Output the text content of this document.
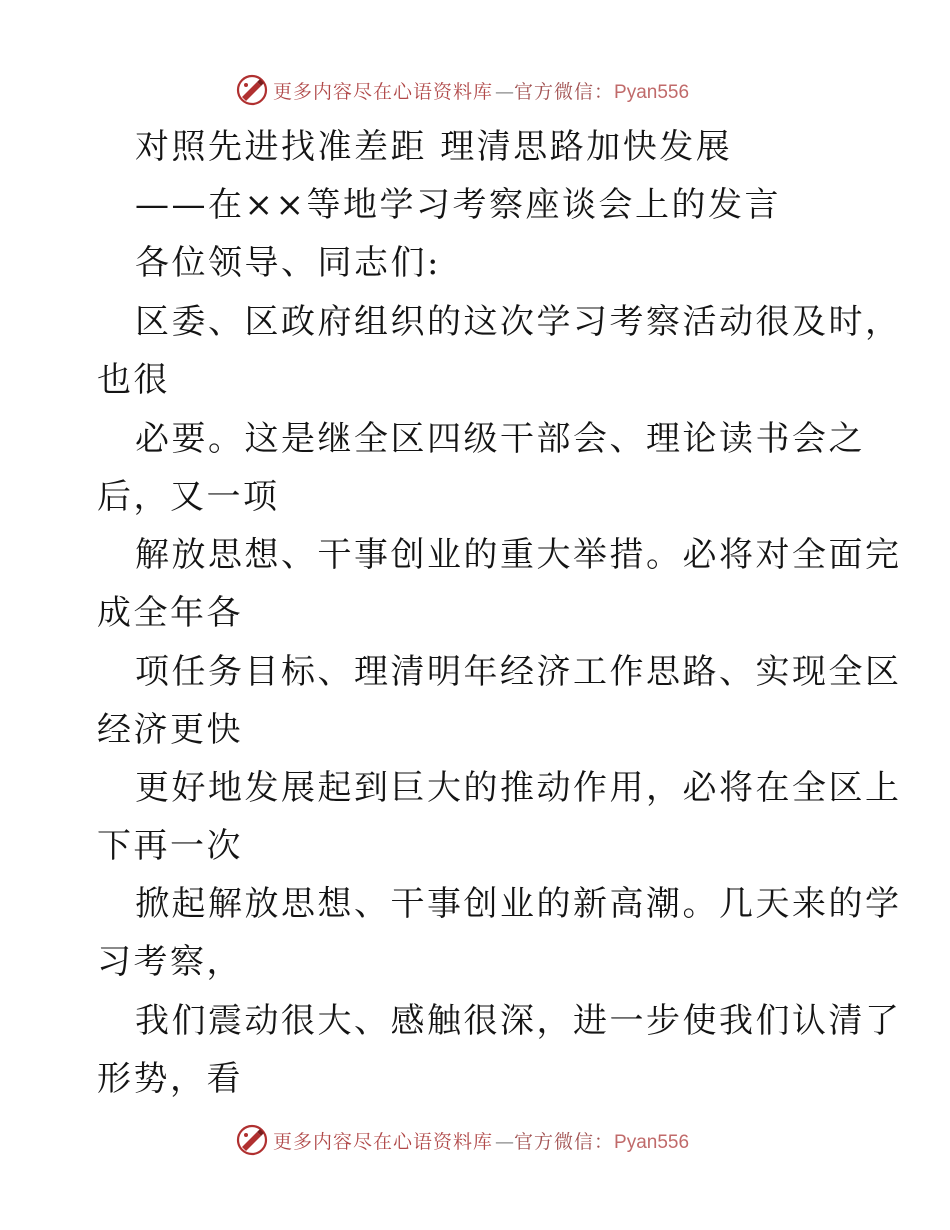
更多内容尽在心语资料库 — 官方微信：Pyan556
对照先进找准差距 理清思路加快发展
——在××等地学习考察座谈会上的发言
各位领导、同志们:
区委、区政府组织的这次学习考察活动很及时，
也很
必要。这是继全区四级干部会、理论读书会之
后，又一项
解放思想、干事创业的重大举措。必将对全面完
成全年各
项任务目标、理清明年经济工作思路、实现全区
经济更快
更好地发展起到巨大的推动作用，必将在全区上
下再一次
掀起解放思想、干事创业的新高潮。几天来的学
习考察，
我们震动很大、感触很深，进一步使我们认清了
形势，看
更多内容尽在心语资料库 — 官方微信：Pyan556
